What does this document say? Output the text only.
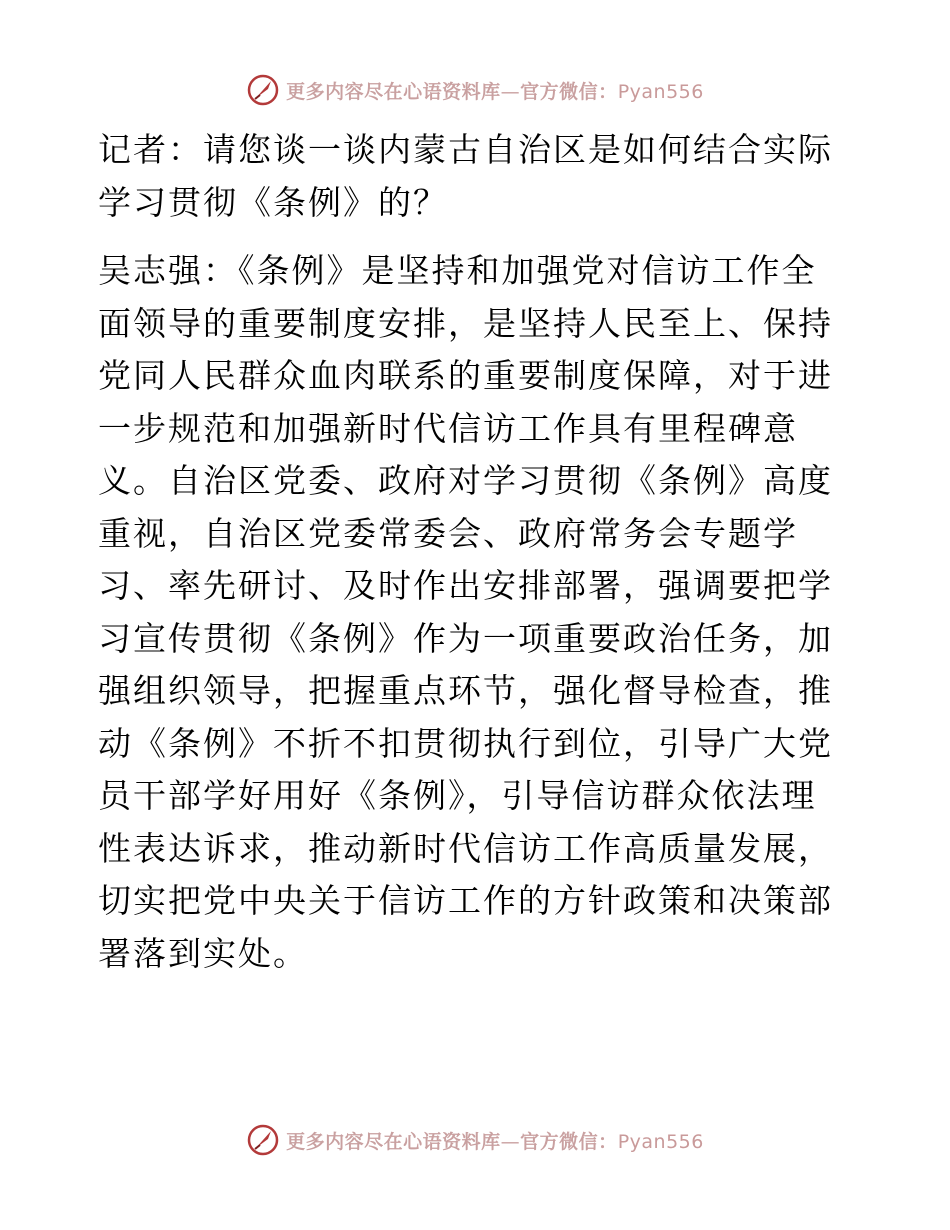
更多内容尽在心语资料库—官方微信：Pyan556

记者：请您谈一谈内蒙古自治区是如何结合实际学习贯彻《条例》的？

吴志强：《条例》是坚持和加强党对信访工作全面领导的重要制度安排，是坚持人民至上、保持党同人民群众血肉联系的重要制度保障，对于进一步规范和加强新时代信访工作具有里程碑意义。自治区党委、政府对学习贯彻《条例》高度重视，自治区党委常委会、政府常务会专题学习、率先研讨、及时作出安排部署，强调要把学习宣传贯彻《条例》作为一项重要政治任务，加强组织领导，把握重点环节，强化督导检查，推动《条例》不折不扣贯彻执行到位，引导广大党员干部学好用好《条例》，引导信访群众依法理性表达诉求，推动新时代信访工作高质量发展，切实把党中央关于信访工作的方针政策和决策部署落到实处。

更多内容尽在心语资料库—官方微信：Pyan556
